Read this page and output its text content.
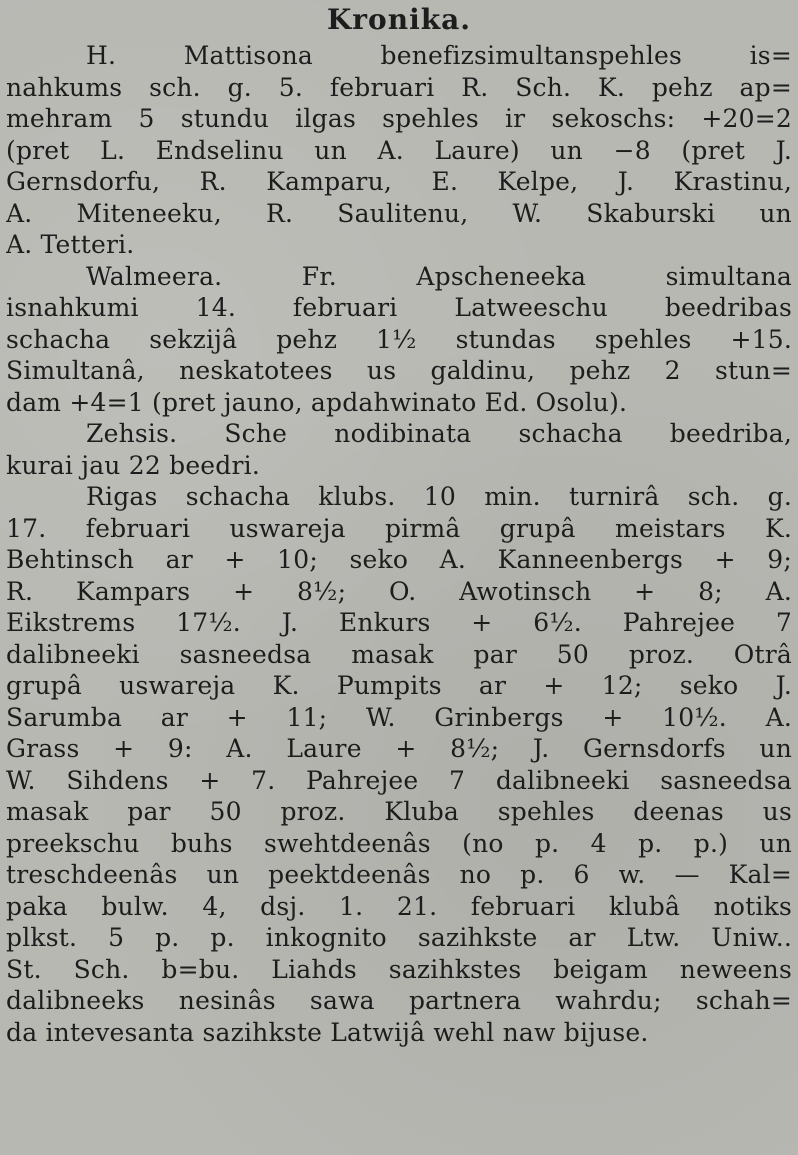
Kronika.
H. Mattisona benefizsimultanspehles is=
nahkums sch. g. 5. februari R. Sch. K. pehz ap=
mehram 5 stundu ilgas spehles ir sekoschs: +20=2
(pret L. Endselinu un A. Laure) un −8 (pret J.
Gernsdorfu, R. Kamparu, E. Kelpe, J. Krastinu,
A. Miteneeku, R. Saulitenu, W. Skaburski un
A. Tetteri.
Walmeera. Fr. Apscheneeka simultana
isnahkumi 14. februari Latweeschu beedribas
schacha sekzijâ pehz 1½ stundas spehles +15.
Simultanâ, neskatotees us galdinu, pehz 2 stun=
dam +4=1 (pret jauno, apdahwinato Ed. Osolu).
Zehsis. Sche nodibinata schacha beedriba,
kurai jau 22 beedri.
Rigas schacha klubs. 10 min. turnirâ sch. g.
17. februari uswareja pirmâ grupâ meistars K.
Behtinsch ar + 10; seko A. Kanneenbergs + 9;
R. Kampars + 8½; O. Awotinsch + 8; A.
Eikstrems 17½. J. Enkurs + 6½. Pahrejee 7
dalibneeki sasneedsa masak par 50 proz. Otrâ
grupâ uswareja K. Pumpits ar + 12; seko J.
Sarumba ar + 11; W. Grinbergs + 10½. A.
Grass + 9: A. Laure + 8½; J. Gernsdorfs un
W. Sihdens + 7. Pahrejee 7 dalibneeki sasneedsa
masak par 50 proz. Kluba spehles deenas us
preekschu buhs swehtdeenâs (no p. 4 p. p.) un
treschdeenâs un peektdeenâs no p. 6 w. — Kal=
paka bulw. 4, dsj. 1. 21. februari klubâ notiks
plkst. 5 p. p. inkognito sazihkste ar Ltw. Uniw..
St. Sch. b=bu. Liahds sazihkstes beigam neweens
dalibneeks nesinâs sawa partnera wahrdu; schah=
da intevesanta sazihkste Latwijâ wehl naw bijuse.
